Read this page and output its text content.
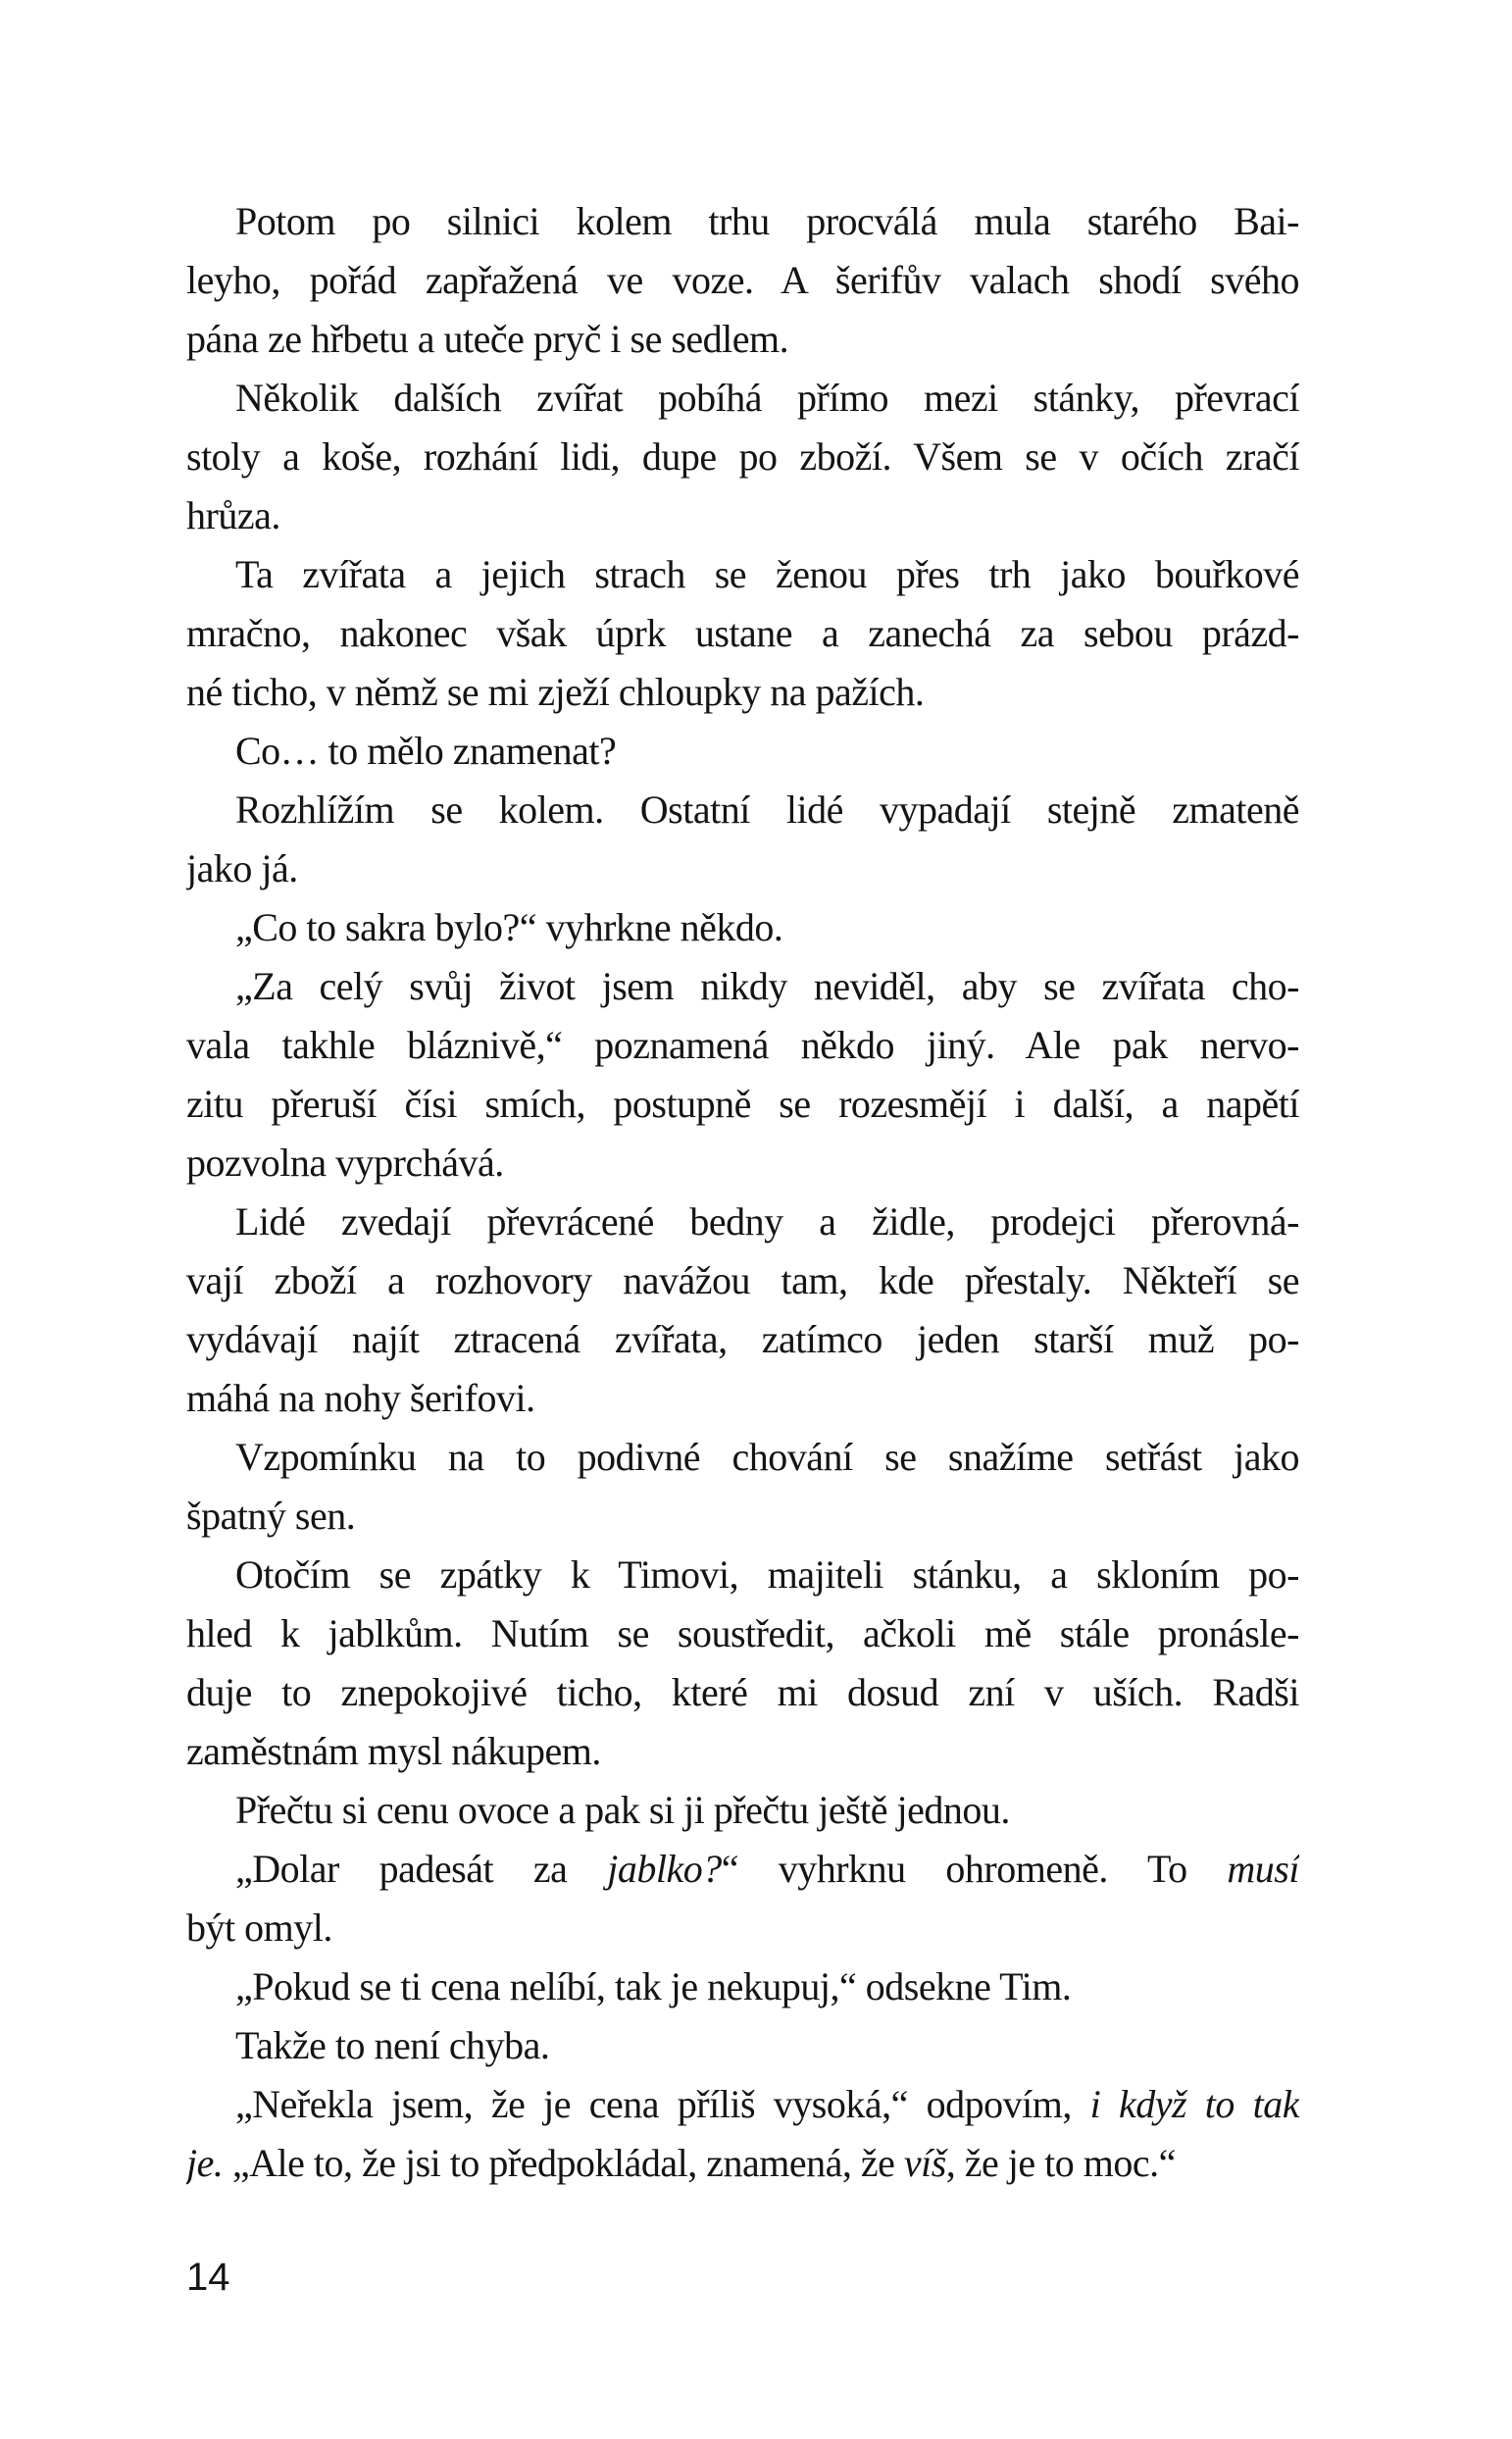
Potom po silnici kolem trhu procválá mula starého Bai-
leyho, pořád zapřažená ve voze. A šerifův valach shodí svého
pána ze hřbetu a uteče pryč i se sedlem.
Několik dalších zvířat pobíhá přímo mezi stánky, převrací
stoly a koše, rozhání lidi, dupe po zboží. Všem se v očích zračí
hrůza.
Ta zvířata a jejich strach se ženou přes trh jako bouřkové
mračno, nakonec však úprk ustane a zanechá za sebou prázd-
né ticho, v němž se mi zježí chloupky na pažích.
Co… to mělo znamenat?
Rozhlížím se kolem. Ostatní lidé vypadají stejně zmateně
jako já.
„Co to sakra bylo?“ vyhrkne někdo.
„Za celý svůj život jsem nikdy neviděl, aby se zvířata cho-
vala takhle bláznivě,“ poznamená někdo jiný. Ale pak nervo-
zitu přeruší čísi smích, postupně se rozesmějí i další, a napětí
pozvolna vyprchává.
Lidé zvedají převrácené bedny a židle, prodejci přerovná-
vají zboží a rozhovory navážou tam, kde přestaly. Někteří se
vydávají najít ztracená zvířata, zatímco jeden starší muž po-
máhá na nohy šerifovi.
Vzpomínku na to podivné chování se snažíme setřást jako
špatný sen.
Otočím se zpátky k Timovi, majiteli stánku, a skloním po-
hled k jablkům. Nutím se soustředit, ačkoli mě stále pronásle-
duje to znepokojivé ticho, které mi dosud zní v uších. Radši
zaměstnám mysl nákupem.
Přečtu si cenu ovoce a pak si ji přečtu ještě jednou.
„Dolar padesát za jablko?“ vyhrknu ohromeně. To musí
být omyl.
„Pokud se ti cena nelíbí, tak je nekupuj,“ odsekne Tim.
Takže to není chyba.
„Neřekla jsem, že je cena příliš vysoká,“ odpovím, i když to tak
je. „Ale to, že jsi to předpokládal, znamená, že víš, že je to moc.“
14
